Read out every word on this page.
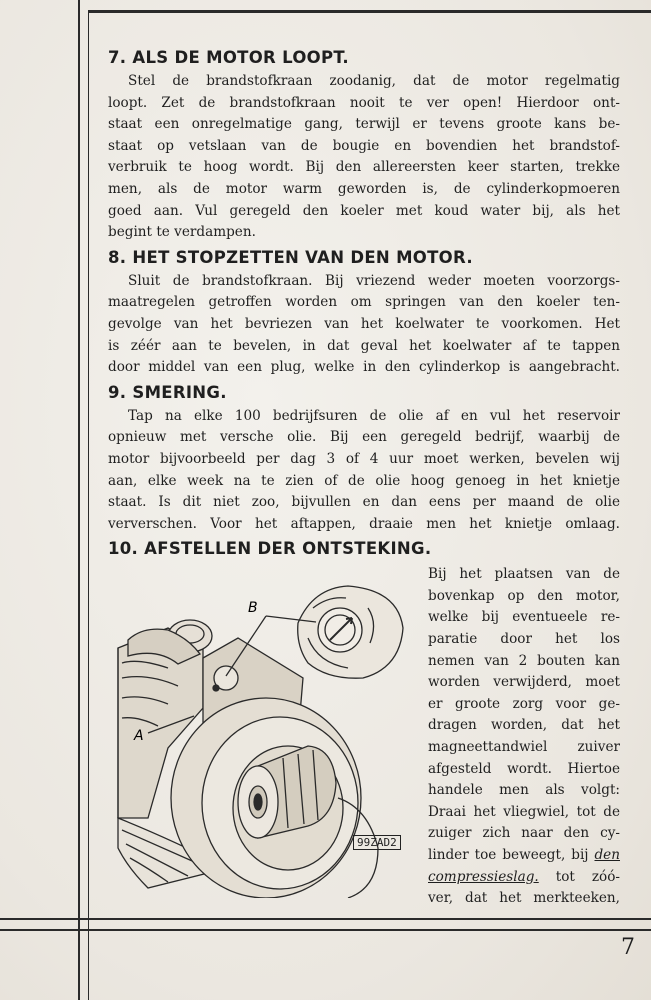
7. ALS DE MOTOR LOOPT.
Stel de brandstofkraan zoodanig, dat de motor regelmatig
loopt. Zet de brandstofkraan nooit te ver open! Hierdoor ont-
staat een onregelmatige gang, terwijl er tevens groote kans be-
staat op vetslaan van de bougie en bovendien het brandstof-
verbruik te hoog wordt. Bij den allereersten keer starten, trekke
men, als de motor warm geworden is, de cylinderkopmoeren
goed aan. Vul geregeld den koeler met koud water bij, als het
begint te verdampen.
8. HET STOPZETTEN VAN DEN MOTOR.
Sluit de brandstofkraan. Bij vriezend weder moeten voorzorgs-
maatregelen getroffen worden om springen van den koeler ten-
gevolge van het bevriezen van het koelwater te voorkomen. Het
is zéér aan te bevelen, in dat geval het koelwater af te tappen
door middel van een plug, welke in den cylinderkop is aangebracht.
9. SMERING.
Tap na elke 100 bedrijfsuren de olie af en vul het reservoir
opnieuw met versche olie. Bij een geregeld bedrijf, waarbij de
motor bijvoorbeeld per dag 3 of 4 uur moet werken, bevelen wij
aan, elke week na te zien of de olie hoog genoeg in het knietje
staat. Is dit niet zoo, bijvullen en dan eens per maand de olie
ververschen. Voor het aftappen, draaie men het knietje omlaag.
10. AFSTELLEN DER ONTSTEKING.
B
A
99ZAD2
Bij het plaatsen van de
bovenkap op den motor,
welke bij eventueele re-
paratie door het los
nemen van 2 bouten kan
worden verwijderd, moet
er groote zorg voor ge-
dragen worden, dat het
magneettandwiel zuiver
afgesteld wordt. Hiertoe
handele men als volgt:
Draai het vliegwiel, tot de
zuiger zich naar den cy-
linder toe beweegt, bij den
compressieslag. tot zóó-
ver, dat het merkteeken,
7
